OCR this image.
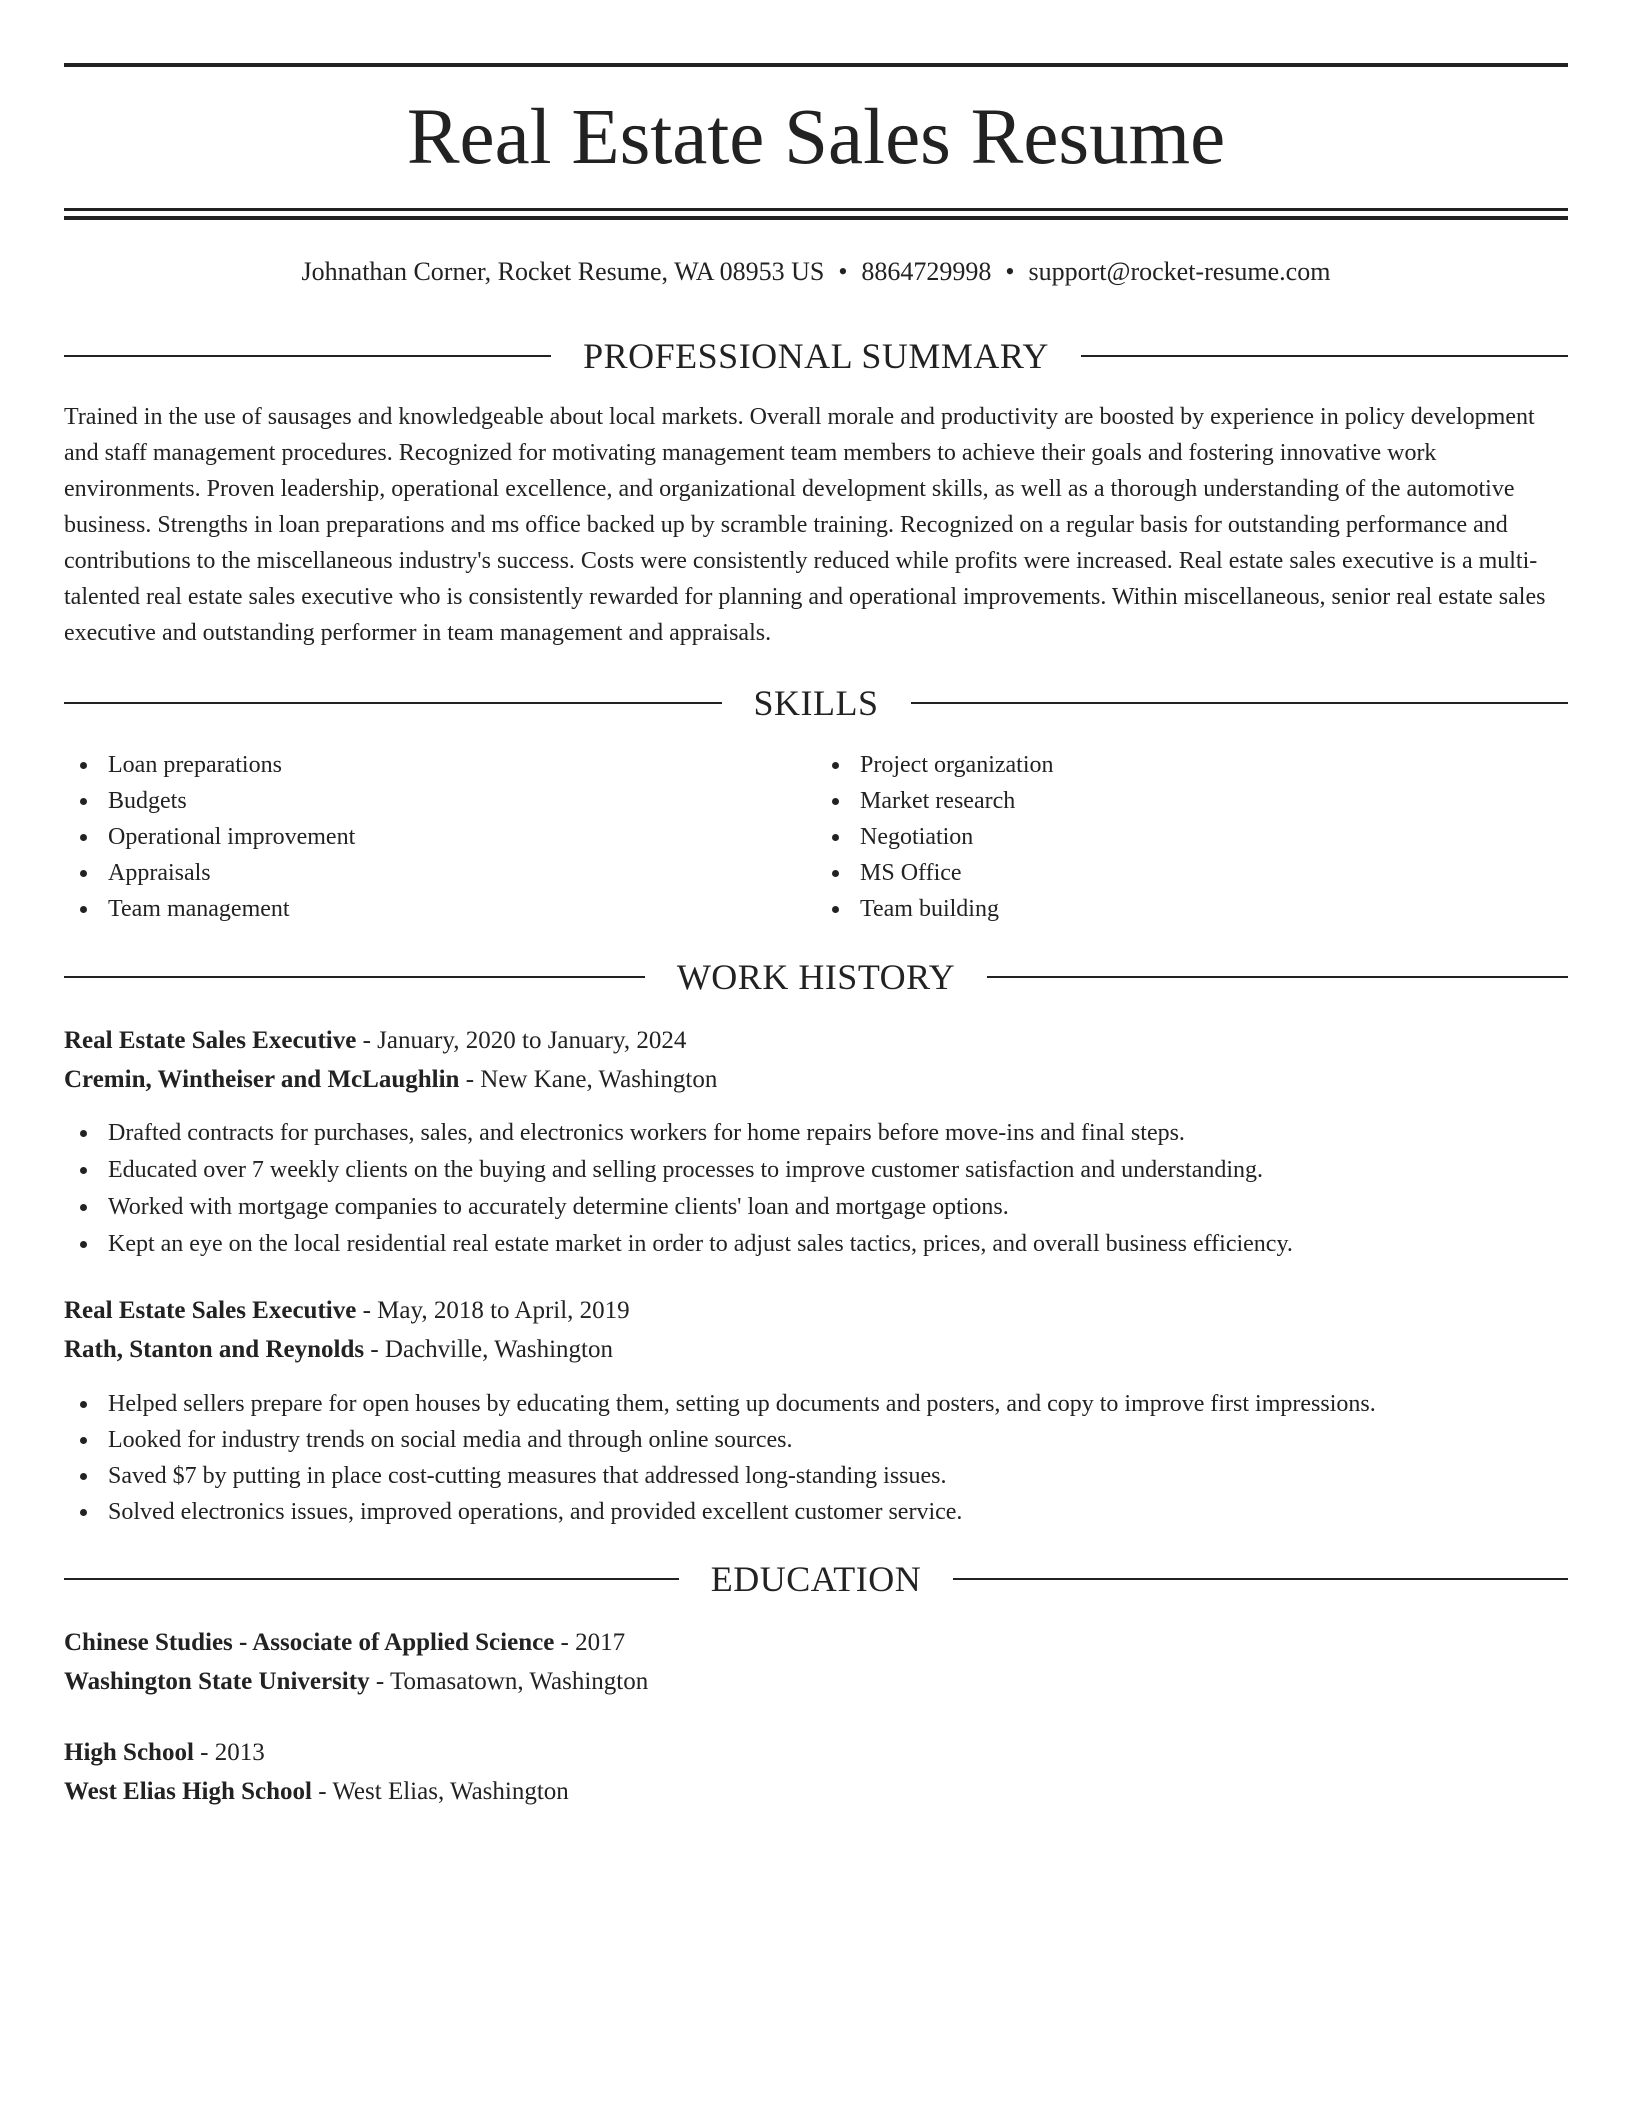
Real Estate Sales Resume
Johnathan Corner, Rocket Resume, WA 08953 US • 8864729998 • support@rocket-resume.com
PROFESSIONAL SUMMARY

Trained in the use of sausages and knowledgeable about local markets. Overall morale and productivity are boosted by experience in policy development and staff management procedures. Recognized for motivating management team members to achieve their goals and fostering innovative work environments. Proven leadership, operational excellence, and organizational development skills, as well as a thorough understanding of the automotive business. Strengths in loan preparations and ms office backed up by scramble training. Recognized on a regular basis for outstanding performance and contributions to the miscellaneous industry's success. Costs were consistently reduced while profits were increased. Real estate sales executive is a multi-talented real estate sales executive who is consistently rewarded for planning and operational improvements. Within miscellaneous, senior real estate sales executive and outstanding performer in team management and appraisals.

SKILLS
Loan preparations
Budgets
Operational improvement
Appraisals
Team management
Project organization
Market research
Negotiation
MS Office
Team building
WORK HISTORY
Real Estate Sales Executive - January, 2020 to January, 2024
Cremin, Wintheiser and McLaughlin - New Kane, Washington
Drafted contracts for purchases, sales, and electronics workers for home repairs before move-ins and final steps.
Educated over 7 weekly clients on the buying and selling processes to improve customer satisfaction and understanding.
Worked with mortgage companies to accurately determine clients' loan and mortgage options.
Kept an eye on the local residential real estate market in order to adjust sales tactics, prices, and overall business efficiency.
Real Estate Sales Executive - May, 2018 to April, 2019
Rath, Stanton and Reynolds - Dachville, Washington
Helped sellers prepare for open houses by educating them, setting up documents and posters, and copy to improve first impressions.
Looked for industry trends on social media and through online sources.
Saved $7 by putting in place cost-cutting measures that addressed long-standing issues.
Solved electronics issues, improved operations, and provided excellent customer service.
EDUCATION
Chinese Studies - Associate of Applied Science - 2017
Washington State University - Tomasatown, Washington
High School - 2013
West Elias High School - West Elias, Washington
